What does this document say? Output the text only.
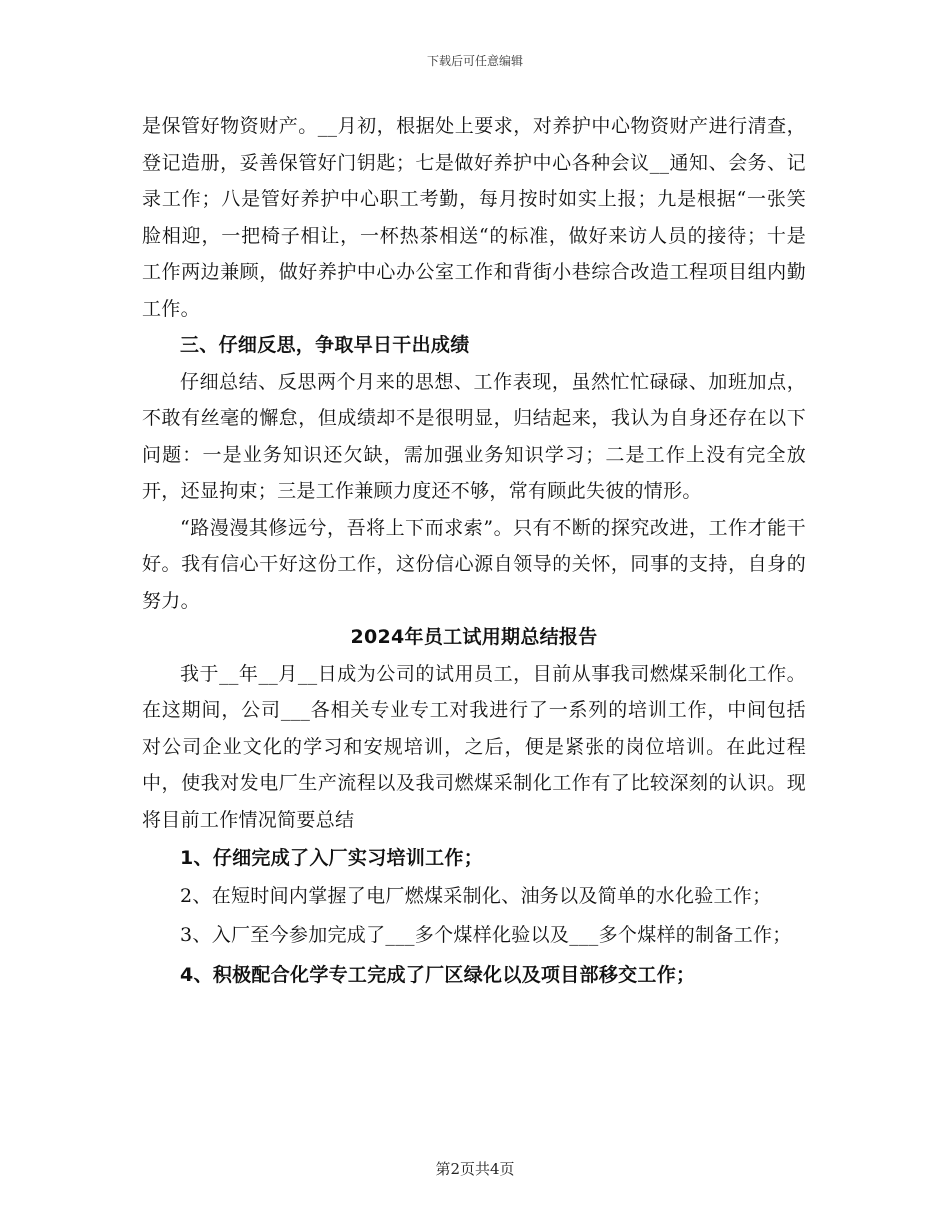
下载后可任意编辑

是保管好物资财产。__月初，根据处上要求，对养护中心物资财产进行清查，登记造册，妥善保管好门钥匙；七是做好养护中心各种会议__通知、会务、记录工作；八是管好养护中心职工考勤，每月按时如实上报；九是根据“一张笑脸相迎，一把椅子相让，一杯热茶相送“的标准，做好来访人员的接待；十是工作两边兼顾，做好养护中心办公室工作和背街小巷综合改造工程项目组内勤工作。

三、仔细反思，争取早日干出成绩

仔细总结、反思两个月来的思想、工作表现，虽然忙忙碌碌、加班加点，不敢有丝毫的懈怠，但成绩却不是很明显，归结起来，我认为自身还存在以下问题：一是业务知识还欠缺，需加强业务知识学习；二是工作上没有完全放开，还显拘束；三是工作兼顾力度还不够，常有顾此失彼的情形。

“路漫漫其修远兮，吾将上下而求索”。只有不断的探究改进，工作才能干好。我有信心干好这份工作，这份信心源自领导的关怀，同事的支持，自身的努力。

2024年员工试用期总结报告

我于__年__月__日成为公司的试用员工，目前从事我司燃煤采制化工作。在这期间，公司___各相关专业专工对我进行了一系列的培训工作，中间包括对公司企业文化的学习和安规培训，之后，便是紧张的岗位培训。在此过程中，使我对发电厂生产流程以及我司燃煤采制化工作有了比较深刻的认识。现将目前工作情况简要总结

1、仔细完成了入厂实习培训工作；

2、在短时间内掌握了电厂燃煤采制化、油务以及简单的水化验工作；

3、入厂至今参加完成了___多个煤样化验以及___多个煤样的制备工作；

4、积极配合化学专工完成了厂区绿化以及项目部移交工作；

第2页共4页
